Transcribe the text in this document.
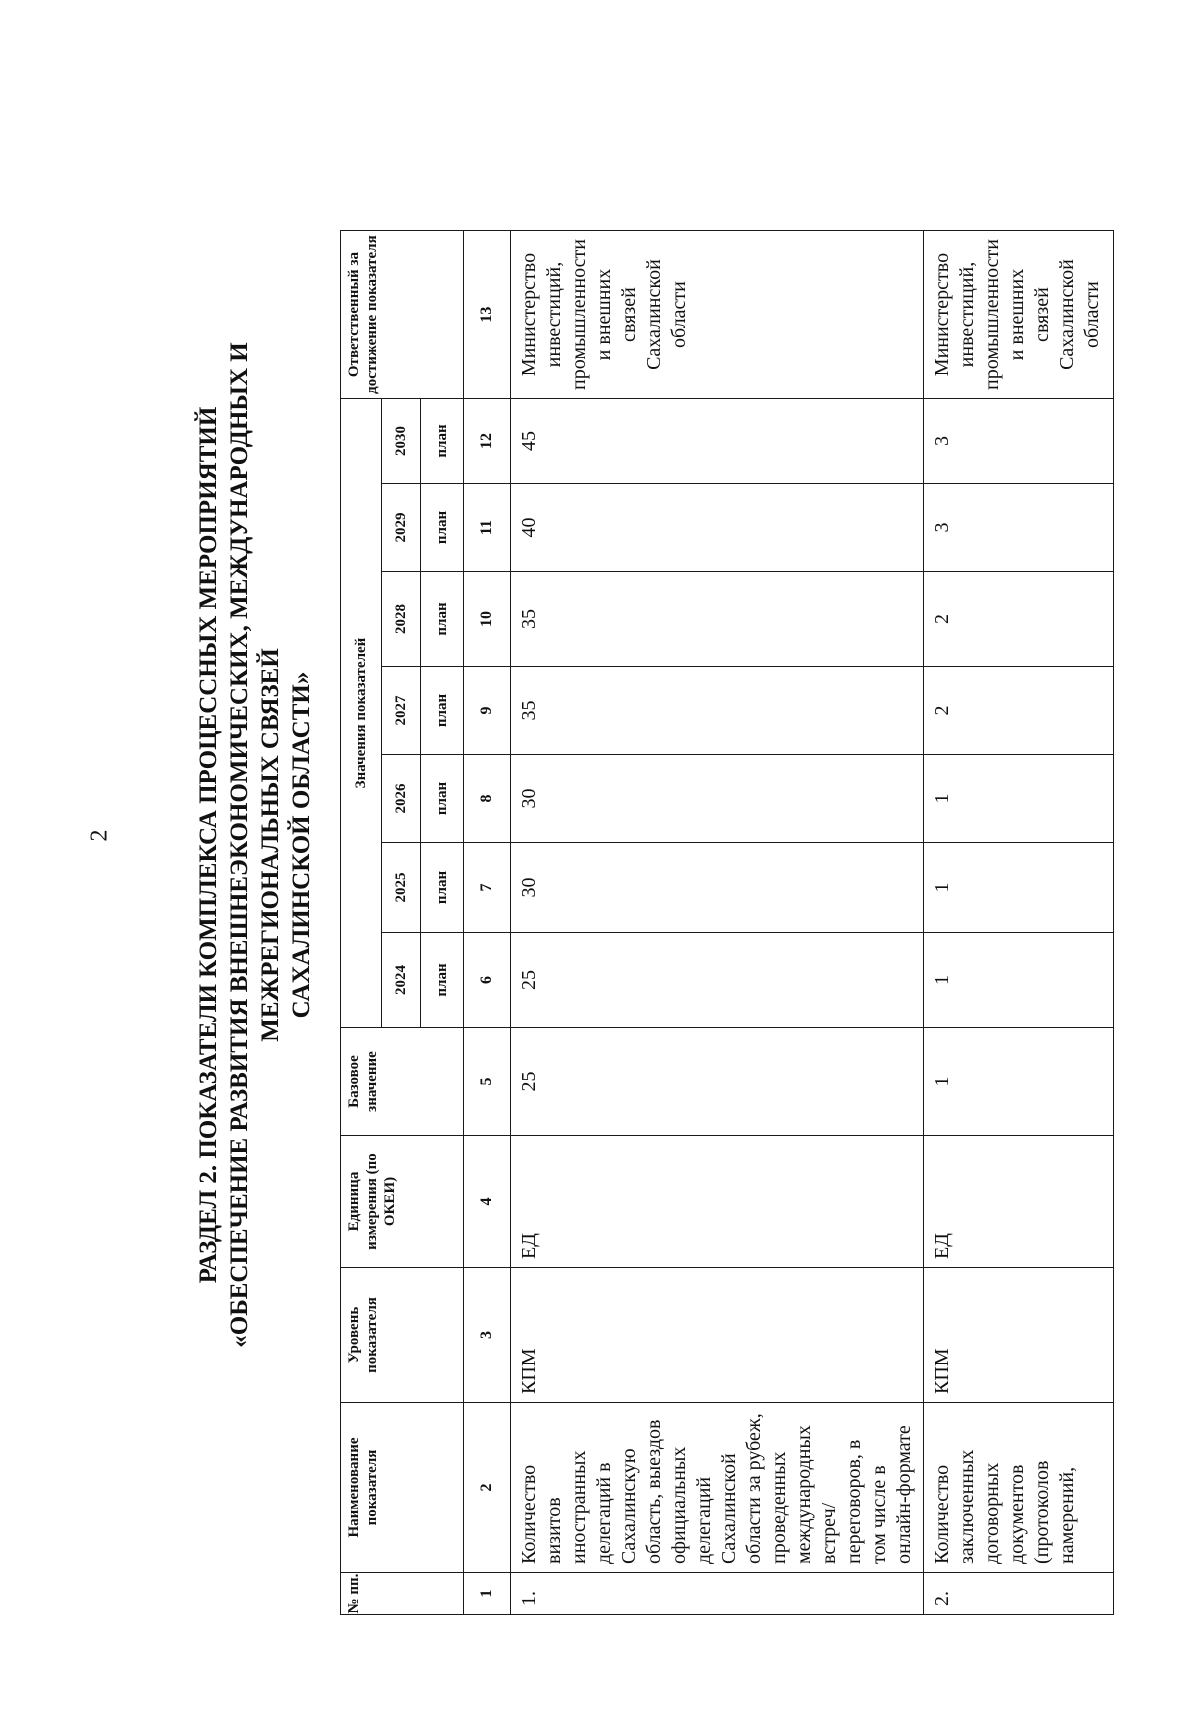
2	РАЗДЕЛ 2. ПОКАЗАТЕЛИ КОМПЛЕКСА ПРОЦЕССНЫХ МЕРОПРИЯТИЙ «ОБЕСПЕЧЕНИЕ РАЗВИТИЯ ВНЕШНЕЭКОНОМИЧЕСКИХ, МЕЖДУНАРОДНЫХ И МЕЖРЕГИОНАЛЬНЫХ СВЯЗЕЙ САХАЛИНСКОЙ ОБЛАСТИ»
№ пп.	Наименование показателя	Уровень показателя	Единица измерения (по ОКЕИ)	Базовое значение	Значения показателей							Ответственный за достижение показателя
					2024	2025	2026	2027	2028	2029	2030	
					план	план	план	план	план	план	план	
1	2	3	4	5	6	7	8	9	10	11	12	13
1.	Количество визитов иностранных делегаций в Сахалинскую область, выездов официальных делегаций Сахалинской области за рубеж, проведенных международных встреч/переговоров, в том числе в онлайн-формате	КПМ	ЕД	25	25	30	30	35	35	40	45	Министерство инвестиций, промышленности и внешних связей Сахалинской области
2.	Количество заключенных договорных документов (протоколов намерений,	КПМ	ЕД	1	1	1	1	2	2	3	3	Министерство инвестиций, промышленности и внешних связей Сахалинской области
